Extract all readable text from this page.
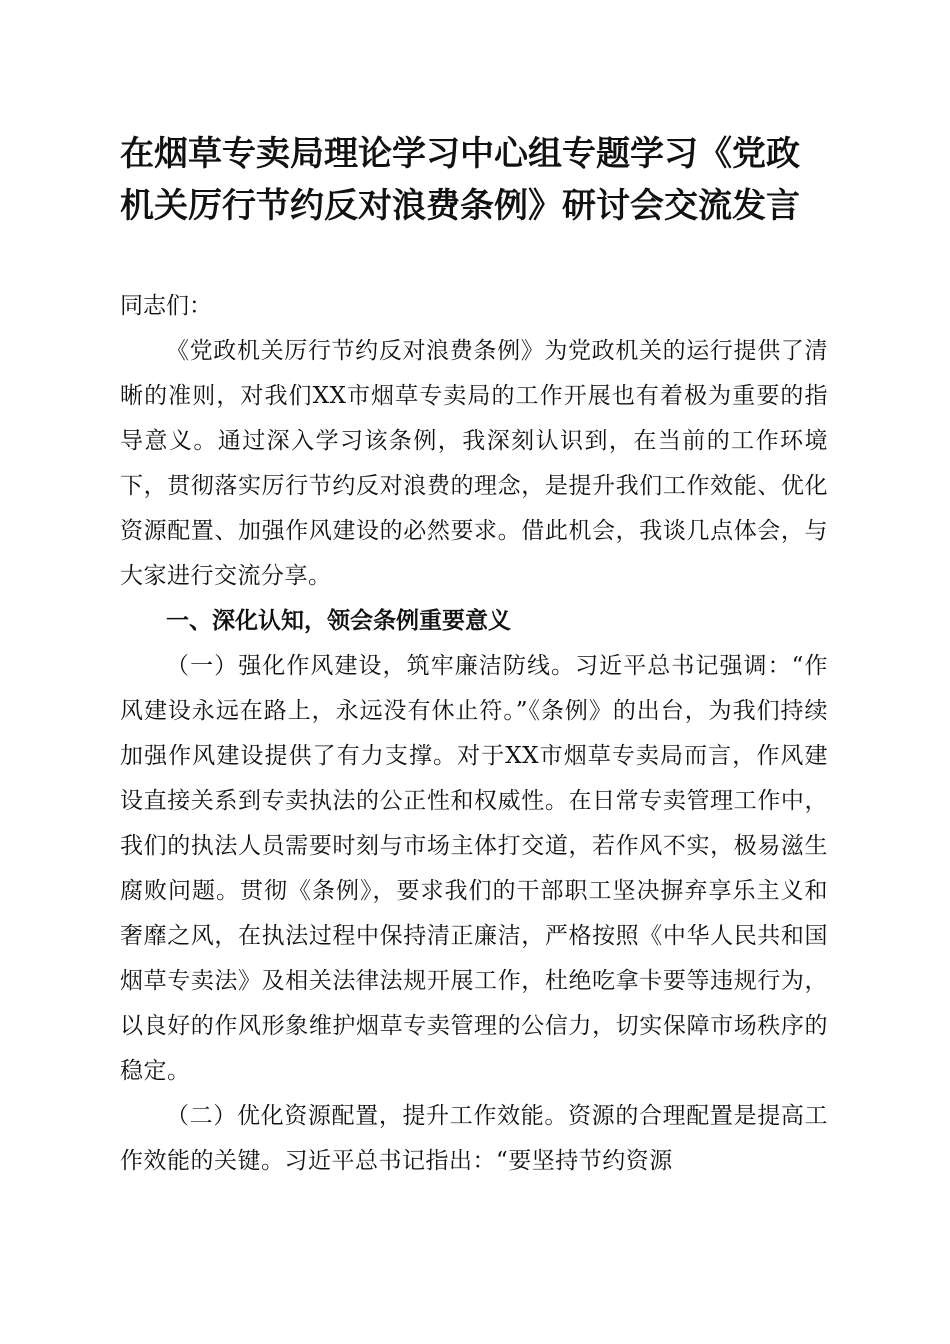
在烟草专卖局理论学习中心组专题学习《党政
机关厉行节约反对浪费条例》研讨会交流发言

同志们：

《党政机关厉行节约反对浪费条例》为党政机关的运行提供了清晰的准则，对我们XX市烟草专卖局的工作开展也有着极为重要的指导意义。通过深入学习该条例，我深刻认识到，在当前的工作环境下，贯彻落实厉行节约反对浪费的理念，是提升我们工作效能、优化资源配置、加强作风建设的必然要求。借此机会，我谈几点体会，与大家进行交流分享。

一、深化认知，领会条例重要意义

（一）强化作风建设，筑牢廉洁防线。习近平总书记强调：“作风建设永远在路上，永远没有休止符。”《条例》的出台，为我们持续加强作风建设提供了有力支撑。对于XX市烟草专卖局而言，作风建设直接关系到专卖执法的公正性和权威性。在日常专卖管理工作中，我们的执法人员需要时刻与市场主体打交道，若作风不实，极易滋生腐败问题。贯彻《条例》，要求我们的干部职工坚决摒弃享乐主义和奢靡之风，在执法过程中保持清正廉洁，严格按照《中华人民共和国烟草专卖法》及相关法律法规开展工作，杜绝吃拿卡要等违规行为，以良好的作风形象维护烟草专卖管理的公信力，切实保障市场秩序的稳定。

（二）优化资源配置，提升工作效能。资源的合理配置是提高工作效能的关键。习近平总书记指出：“要坚持节约资源
